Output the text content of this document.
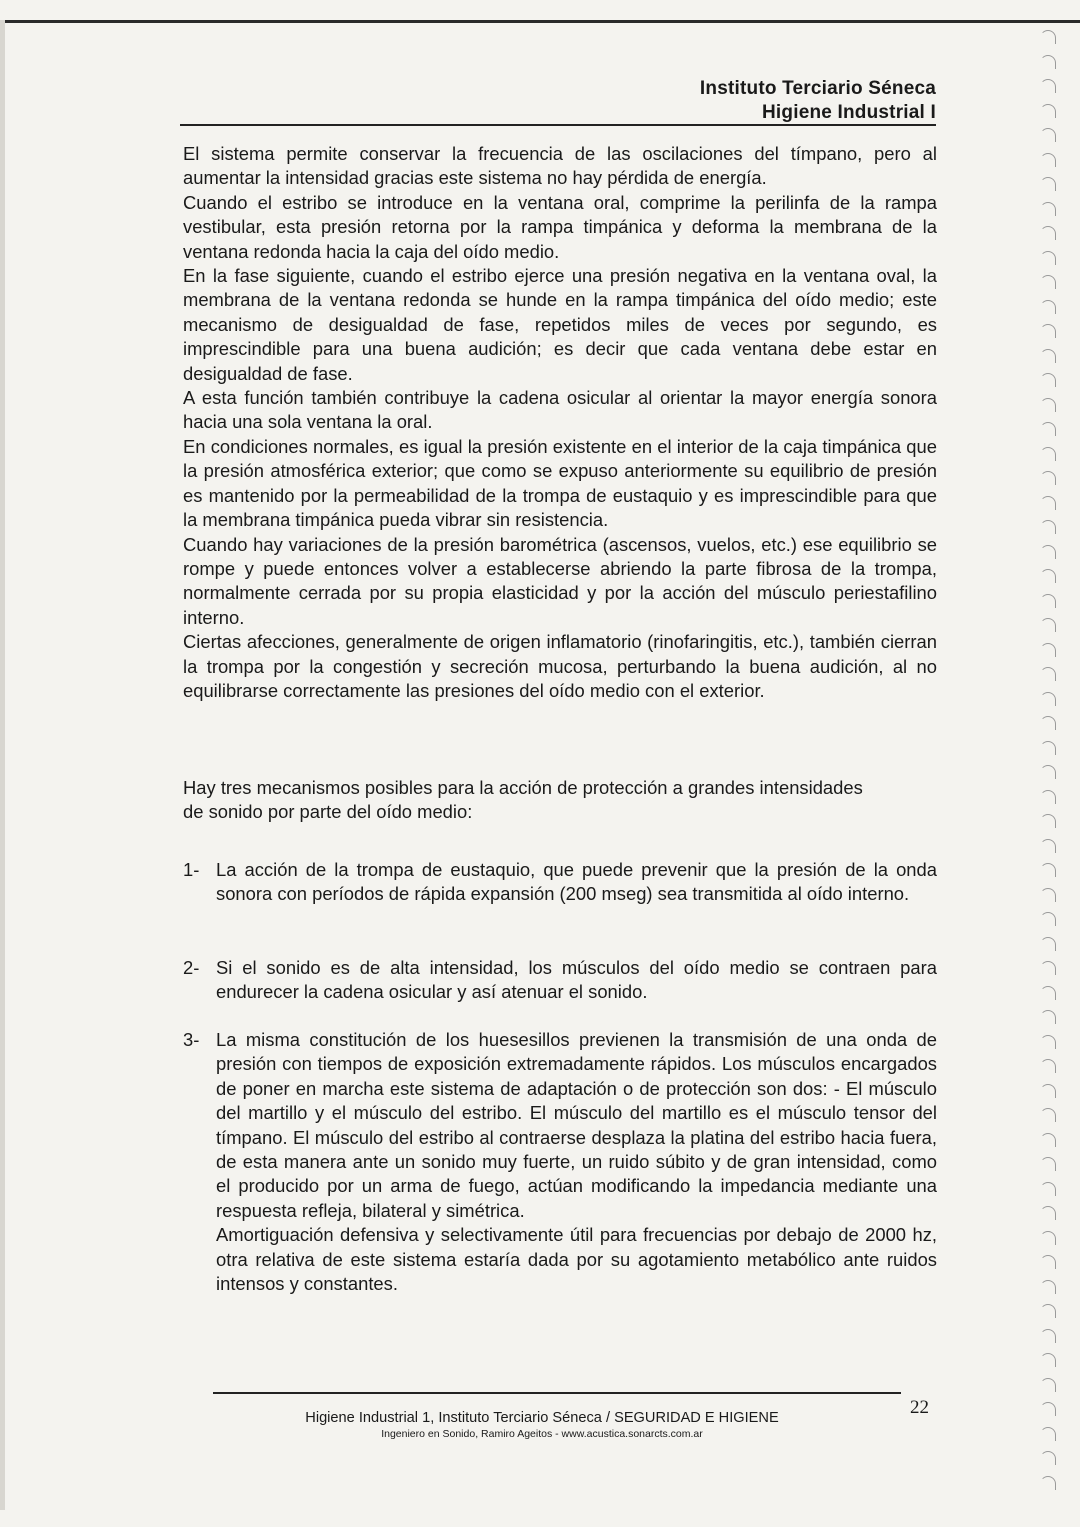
Instituto Terciario Séneca
Higiene Industrial I

El sistema permite conservar la frecuencia de las oscilaciones del tímpano, pero al aumentar la intensidad gracias este sistema no hay pérdida de energía.

Cuando el estribo se introduce en la ventana oral, comprime la perilinfa de la rampa vestibular, esta presión retorna por la rampa timpánica y deforma la membrana de la ventana redonda hacia la caja del oído medio.

En la fase siguiente, cuando el estribo ejerce una presión negativa en la ventana oval, la membrana de la ventana redonda se hunde en la rampa timpánica del oído medio; este mecanismo de desigualdad de fase, repetidos miles de veces por segundo, es imprescindible para una buena audición; es decir que cada ventana debe estar en desigualdad de fase.

A esta función también contribuye la cadena osicular al orientar la mayor energía sonora hacia una sola ventana la oral.

En condiciones normales, es igual la presión existente en el interior de la caja timpánica que la presión atmosférica exterior; que como se expuso anteriormente su equilibrio de presión es mantenido por la permeabilidad de la trompa de eustaquio y es imprescindible para que la membrana timpánica pueda vibrar sin resistencia.

Cuando hay variaciones de la presión barométrica (ascensos, vuelos, etc.) ese equilibrio se rompe y puede entonces volver a establecerse abriendo la parte fibrosa de la trompa, normalmente cerrada por su propia elasticidad y por la acción del músculo periestafilino interno.

Ciertas afecciones, generalmente de origen inflamatorio (rinofaringitis, etc.), también cierran la trompa por la congestión y secreción mucosa, perturbando la buena audición, al no equilibrarse correctamente las presiones del oído medio con el exterior.

Hay tres mecanismos posibles para la acción de protección a grandes intensidades de sonido por parte del oído medio:
1- La acción de la trompa de eustaquio, que puede prevenir que la presión de la onda sonora con períodos de rápida expansión (200 mseg) sea transmitida al oído interno.

2- Si el sonido es de alta intensidad, los músculos del oído medio se contraen para endurecer la cadena osicular y así atenuar el sonido.

3- La misma constitución de los huesesillos previenen la transmisión de una onda de presión con tiempos de exposición extremadamente rápidos. Los músculos encargados de poner en marcha este sistema de adaptación o de protección son dos: - El músculo del martillo y el músculo del estribo. El músculo del martillo es el músculo tensor del tímpano. El músculo del estribo al contraerse desplaza la platina del estribo hacia fuera, de esta manera ante un sonido muy fuerte, un ruido súbito y de gran intensidad, como el producido por un arma de fuego, actúan modificando la impedancia mediante una respuesta refleja, bilateral y simétrica.

Amortiguación defensiva y selectivamente útil para frecuencias por debajo de 2000 hz, otra relativa de este sistema estaría dada por su agotamiento metabólico ante ruidos intensos y constantes.

22
Higiene Industrial 1, Instituto Terciario Séneca / SEGURIDAD E HIGIENE
Ingeniero en Sonido, Ramiro Ageitos - www.acustica.sonarcts.com.ar
